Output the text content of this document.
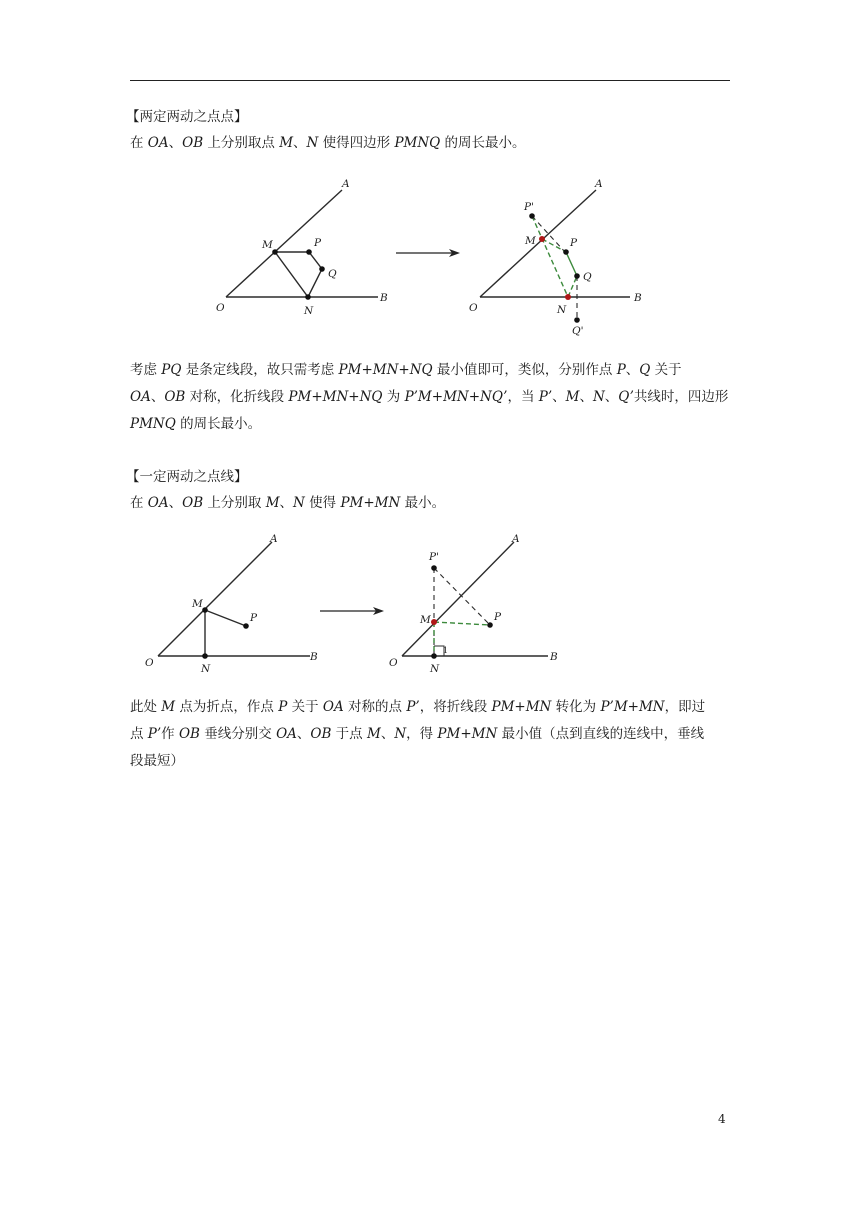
【两定两动之点点】

在 OA、OB 上分别取点 M、N 使得四边形 PMNQ 的周长最小。

O
A
B
M	P
Q
N	O
A
B
P'
M	P
Q
N
Q'

考虑 PQ 是条定线段，故只需考虑 PM+MN+NQ 最小值即可，类似，分别作点 P、Q 关于

OA、OB 对称，化折线段 PM+MN+NQ 为 P’M+MN+NQ’，当 P’、M、N、Q’共线时，四边形

PMNQ 的周长最小。

【一定两动之点线】

在 OA、OB 上分别取 M、N 使得 PM+MN 最小。

O
A
B
M
P
N	O
A
B
P'
M	P
1
N

此处 M 点为折点，作点 P 关于 OA 对称的点 P’，将折线段 PM+MN 转化为 P’M+MN，即过

点 P’作 OB 垂线分别交 OA、OB 于点 M、N，得 PM+MN 最小值（点到直线的连线中，垂线

段最短）

4
